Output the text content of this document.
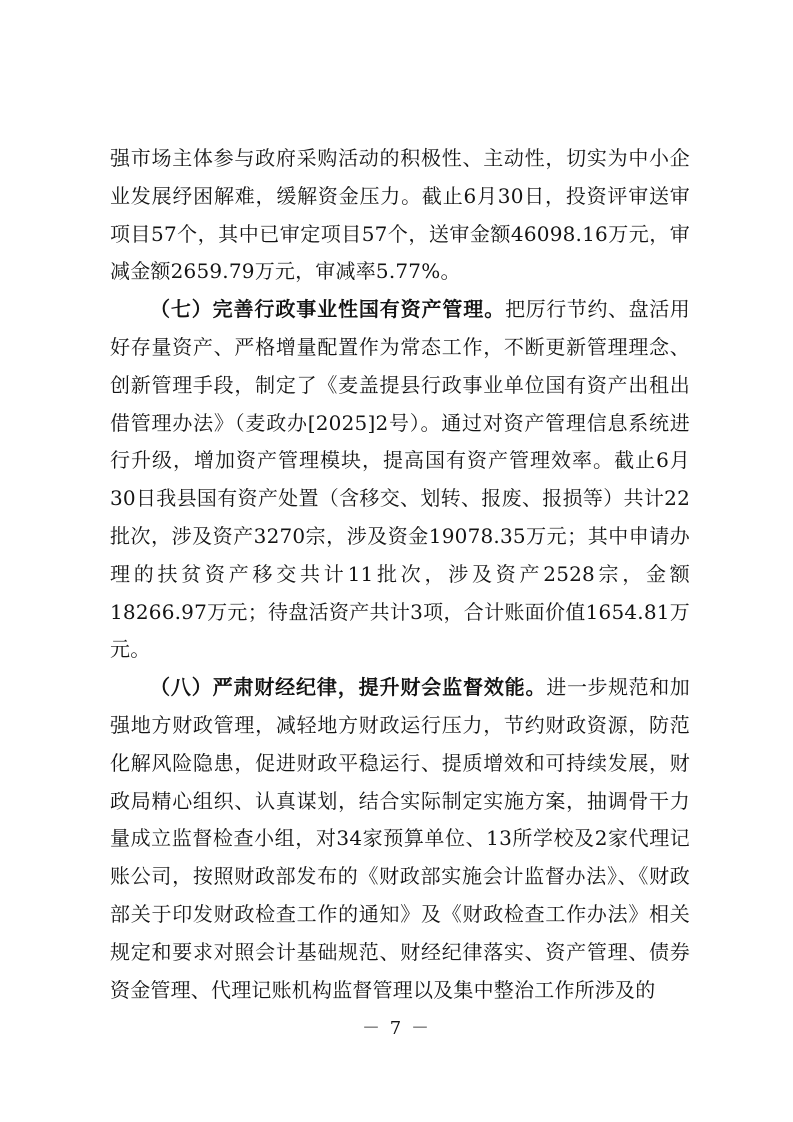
强市场主体参与政府采购活动的积极性、主动性，切实为中小企业发展纾困解难，缓解资金压力。截止6月30日，投资评审送审项目57个，其中已审定项目57个，送审金额46098.16万元，审减金额2659.79万元，审减率5.77%。

（七）完善行政事业性国有资产管理。把厉行节约、盘活用好存量资产、严格增量配置作为常态工作，不断更新管理理念、创新管理手段，制定了《麦盖提县行政事业单位国有资产出租出借管理办法》（麦政办[2025]2号）。通过对资产管理信息系统进行升级，增加资产管理模块，提高国有资产管理效率。截止6月30日我县国有资产处置（含移交、划转、报废、报损等）共计22批次，涉及资产3270宗，涉及资金19078.35万元；其中申请办理的扶贫资产移交共计11批次，涉及资产2528宗，金额18266.97万元；待盘活资产共计3项，合计账面价值1654.81万元。

（八）严肃财经纪律，提升财会监督效能。进一步规范和加强地方财政管理，减轻地方财政运行压力，节约财政资源，防范化解风险隐患，促进财政平稳运行、提质增效和可持续发展，财政局精心组织、认真谋划，结合实际制定实施方案，抽调骨干力量成立监督检查小组，对34家预算单位、13所学校及2家代理记账公司，按照财政部发布的《财政部实施会计监督办法》、《财政部关于印发财政检查工作的通知》及《财政检查工作办法》相关规定和要求对照会计基础规范、财经纪律落实、资产管理、债券资金管理、代理记账机构监督管理以及集中整治工作所涉及的

－ 7 －
